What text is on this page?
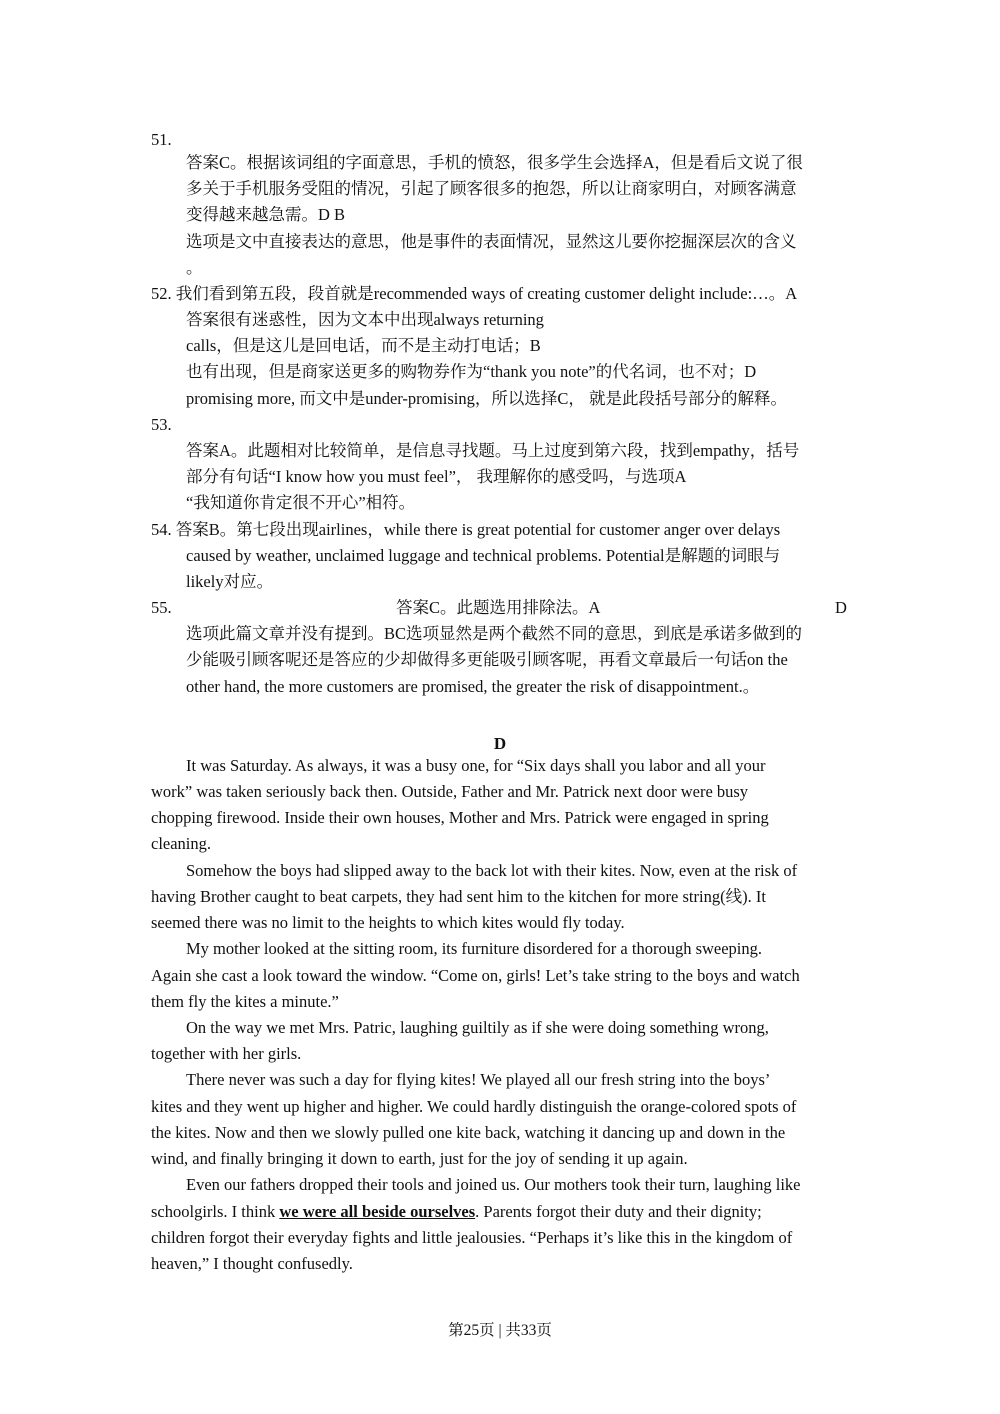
51.
答案C。根据该词组的字面意思，手机的愤怒，很多学生会选择A，但是看后文说了很
多关于手机服务受阻的情况，引起了顾客很多的抱怨，所以让商家明白，对顾客满意
变得越来越急需。D B
选项是文中直接表达的意思，他是事件的表面情况，显然这儿要你挖掘深层次的含义
。
52. 我们看到第五段，段首就是recommended ways of creating customer delight include:…。A
答案很有迷惑性，因为文本中出现always returning
calls，但是这儿是回电话，而不是主动打电话；B
也有出现，但是商家送更多的购物券作为“thank you note”的代名词，也不对；D
promising more, 而文中是under-promising，所以选择C， 就是此段括号部分的解释。
53.
答案A。此题相对比较简单，是信息寻找题。马上过度到第六段，找到empathy，括号
部分有句话“I know how you must feel”， 我理解你的感受吗，与选项A
“我知道你肯定很不开心”相符。
54. 答案B。第七段出现airlines，while there is great potential for customer anger over delays
caused by weather, unclaimed luggage and technical problems. Potential是解题的词眼与
likely对应。
55.	答案C。此题选用排除法。A	D
选项此篇文章并没有提到。BC选项显然是两个截然不同的意思，到底是承诺多做到的
少能吸引顾客呢还是答应的少却做得多更能吸引顾客呢，再看文章最后一句话on the
other hand, the more customers are promised, the greater the risk of disappointment.。
D
It was Saturday. As always, it was a busy one, for “Six days shall you labor and all your
work” was taken seriously back then. Outside, Father and Mr. Patrick next door were busy
chopping firewood. Inside their own houses, Mother and Mrs. Patrick were engaged in spring
cleaning.
Somehow the boys had slipped away to the back lot with their kites. Now, even at the risk of
having Brother caught to beat carpets, they had sent him to the kitchen for more string(线). It
seemed there was no limit to the heights to which kites would fly today.
My mother looked at the sitting room, its furniture disordered for a thorough sweeping.
Again she cast a look toward the window. “Come on, girls! Let’s take string to the boys and watch
them fly the kites a minute.”
On the way we met Mrs. Patric, laughing guiltily as if she were doing something wrong,
together with her girls.
There never was such a day for flying kites! We played all our fresh string into the boys’
kites and they went up higher and higher. We could hardly distinguish the orange-colored spots of
the kites. Now and then we slowly pulled one kite back, watching it dancing up and down in the
wind, and finally bringing it down to earth, just for the joy of sending it up again.
Even our fathers dropped their tools and joined us. Our mothers took their turn, laughing like
schoolgirls. I think we were all beside ourselves. Parents forgot their duty and their dignity;
children forgot their everyday fights and little jealousies. “Perhaps it’s like this in the kingdom of
heaven,” I thought confusedly.
第25页 | 共33页
